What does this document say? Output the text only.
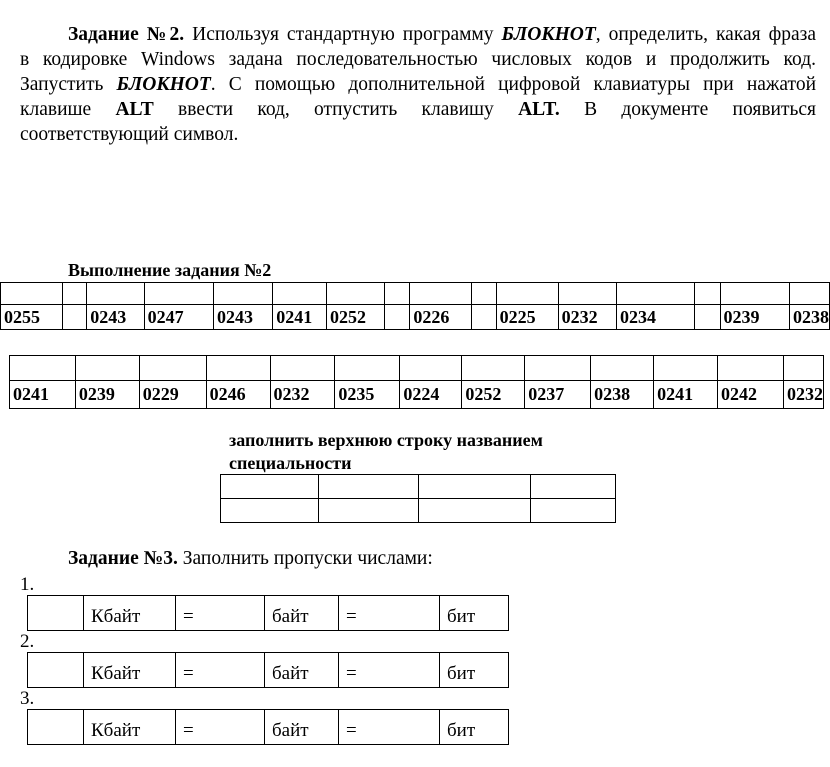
Задание №2. Используя стандартную программу БЛОКНОТ, определить, какая фраза
в кодировке Windows задана последовательностью числовых кодов и продолжить код.
Запустить БЛОКНОТ. С помощью дополнительной цифровой клавиатуры при нажатой
клавише ALT ввести код, отпустить клавишу ALT. В документе появиться
соответствующий символ.
Выполнение задания №2

0255		0243	0247	0243	0241	0252		0226		0225	0232	0234		0239	0238

0241	0239	0229	0246	0232	0235	0224	0252	0237	0238	0241	0242	0232
заполнить верхнюю строку названием
специальности

Задание №3. Заполнить пропуски числами:
1.
	Кбайт	=	байт	=	бит
2.
	Кбайт	=	байт	=	бит
3.
	Кбайт	=	байт	=	бит
